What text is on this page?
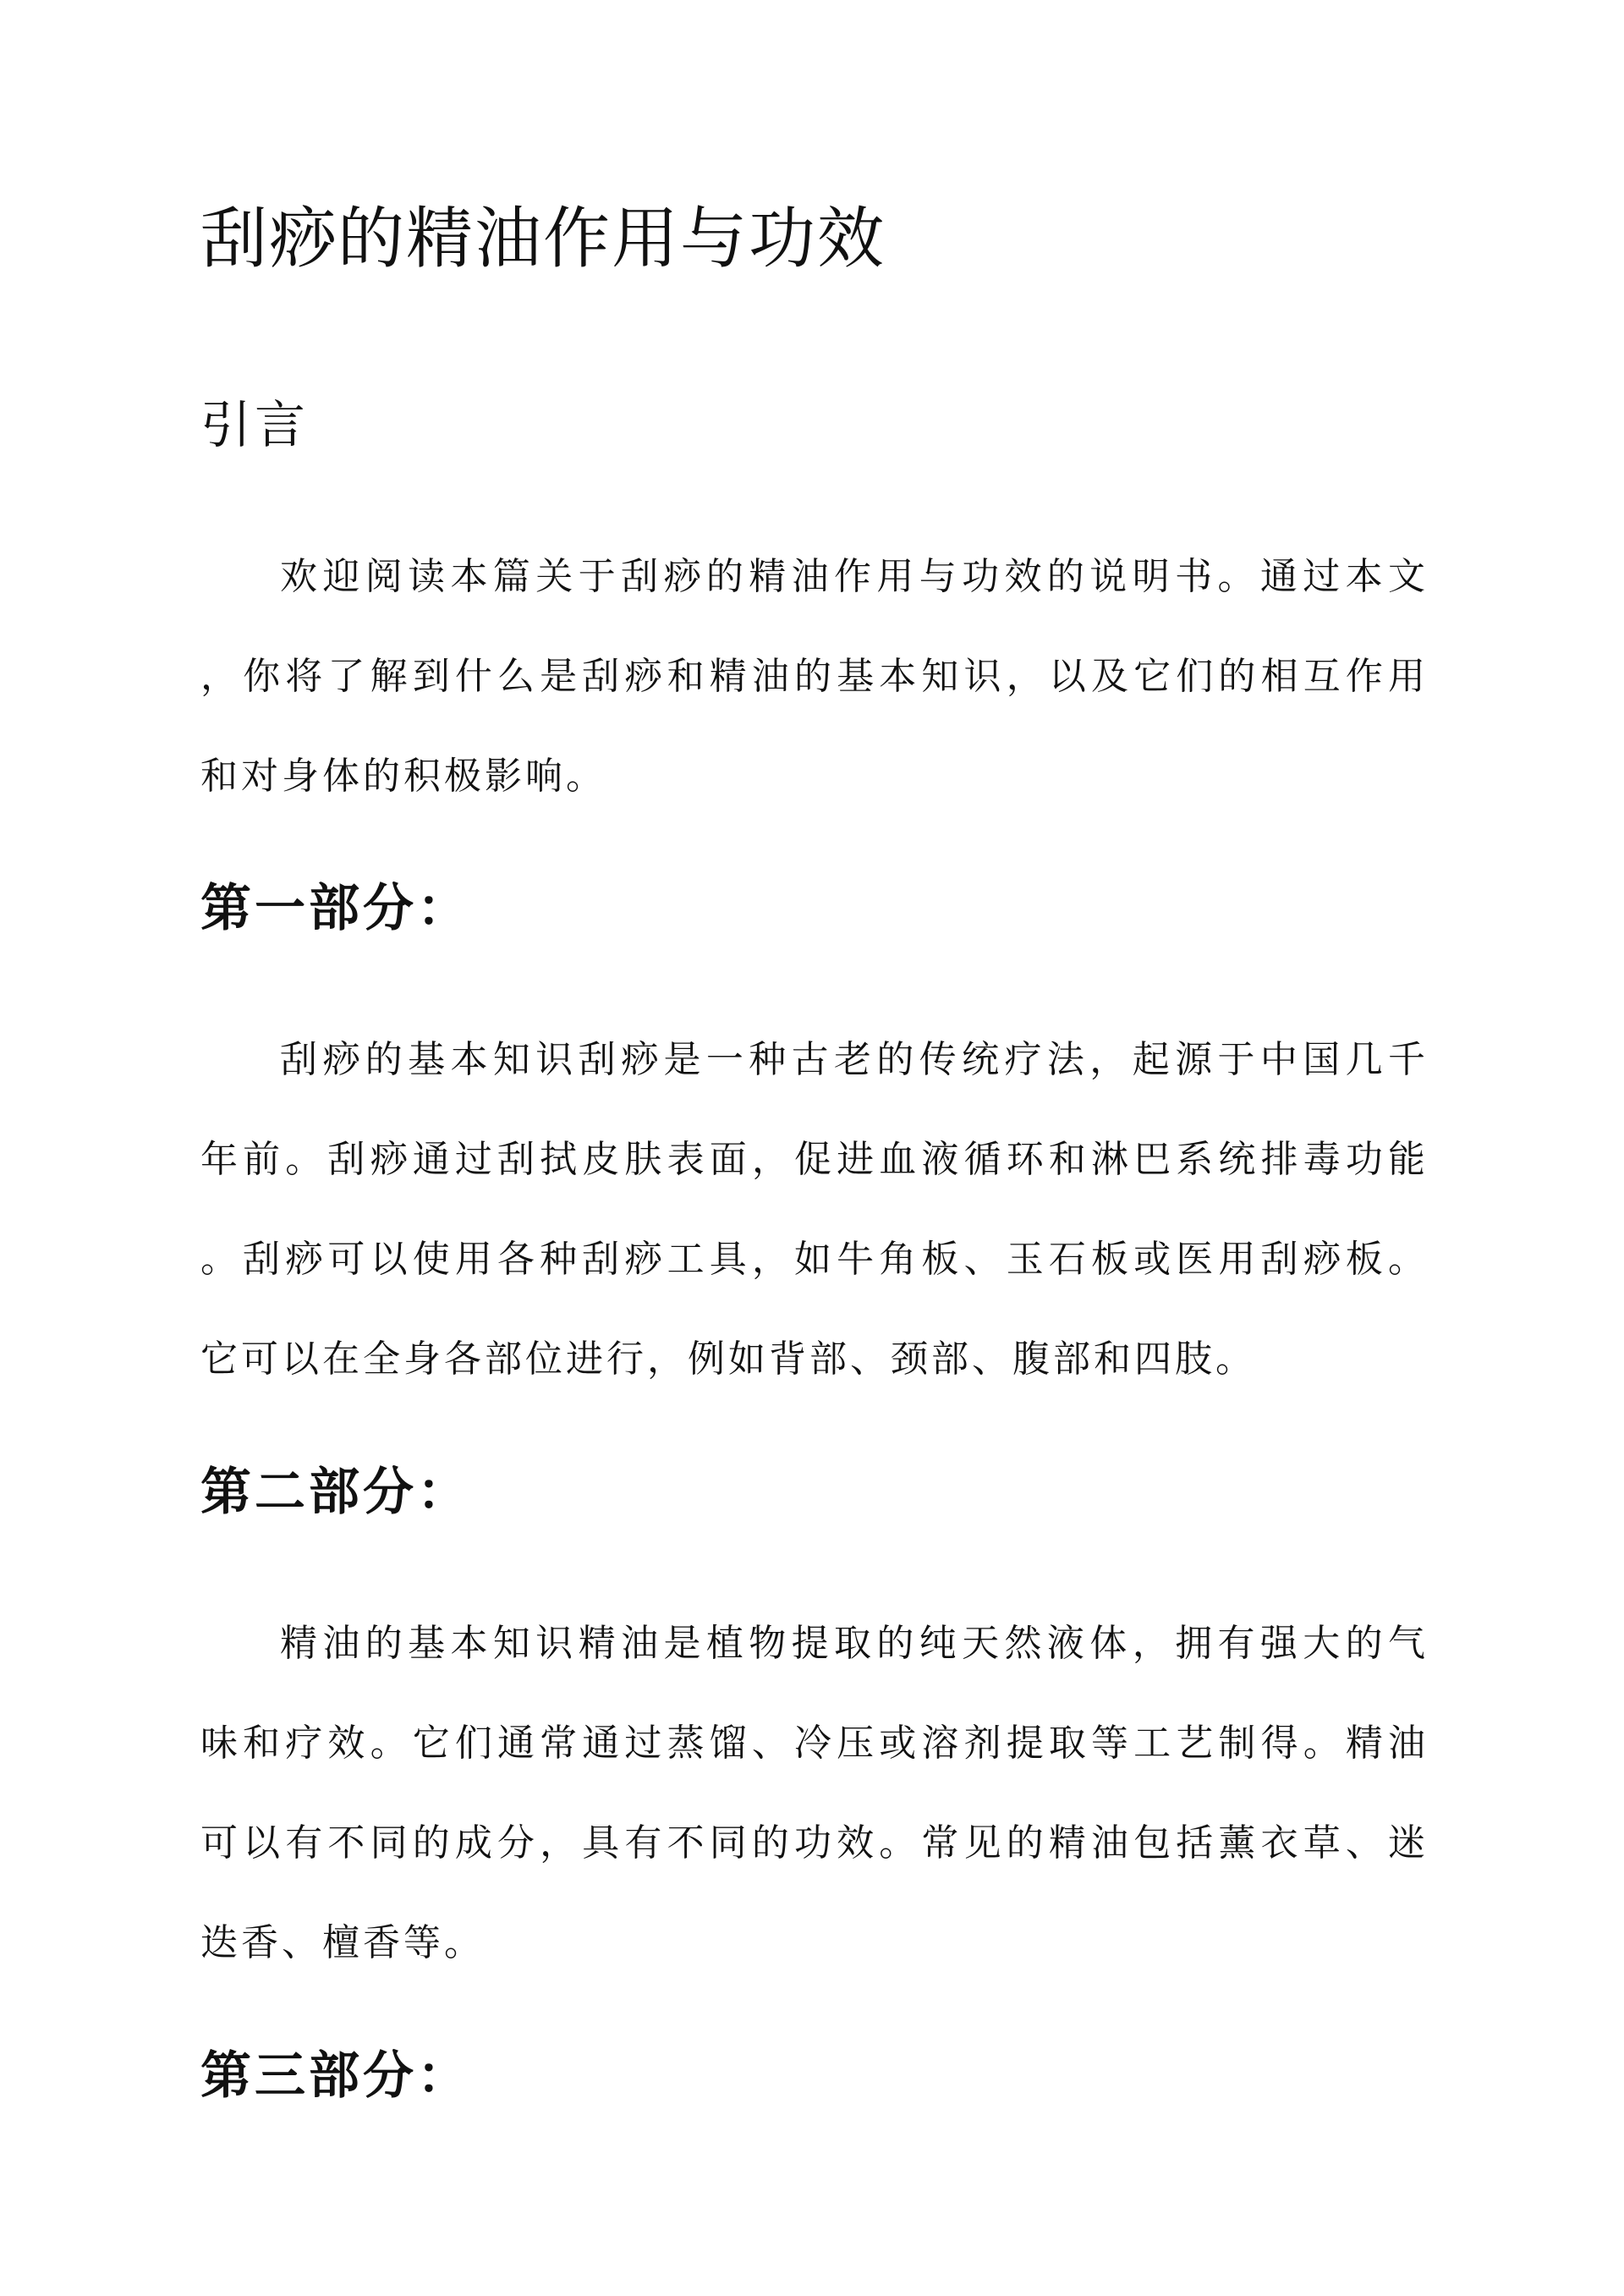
刮痧的精油作用与功效
引言

欢迎阅读本篇关于刮痧的精油作用与功效的说明书。通过本文

，你将了解到什么是刮痧和精油的基本知识，以及它们的相互作用

和对身体的积极影响。

第一部分：

刮痧的基本知识刮痧是一种古老的传统疗法，起源于中国几千

年前。刮痧通过刮拭皮肤表面，促进血液循环和淋巴系统排毒功能

。刮痧可以使用各种刮痧工具，如牛角板、玉石板或医用刮痧板。

它可以在全身各部位进行，例如背部、颈部、腹部和四肢。

第二部分：

精油的基本知识精油是植物提取的纯天然液体，拥有强大的气

味和疗效。它们通常通过蒸馏、冷压或溶剂提取等工艺制得。精油

可以有不同的成分，具有不同的功效。常见的精油包括薰衣草、迷

迭香、檀香等。

第三部分：
